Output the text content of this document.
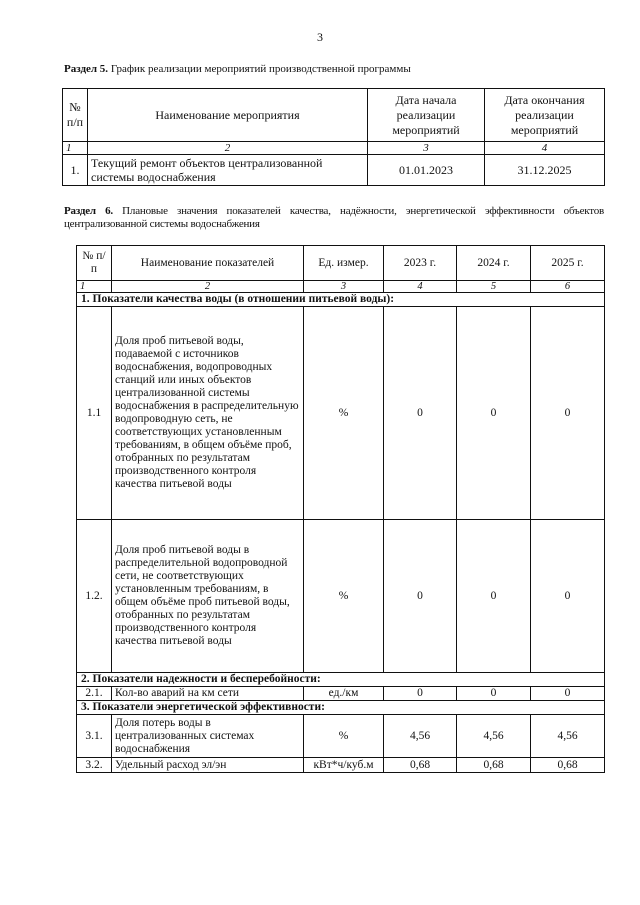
3
Раздел 5. График реализации мероприятий производственной программы
№ п/п	Наименование мероприятия	Дата начала реализации мероприятий	Дата окончания реализации мероприятий
1	2	3	4
1.	Текущий ремонт объектов централизованной системы водоснабжения	01.01.2023	31.12.2025
Раздел 6. Плановые значения показателей качества, надёжности, энергетической эффективности объектов централизованной системы водоснабжения
№ п/п	Наименование показателей	Ед. измер.	2023 г.	2024 г.	2025 г.
1	2	3	4	5	6
1. Показатели качества воды (в отношении питьевой воды):					
1.1	Доля проб питьевой воды, подаваемой с источников водоснабжения, водопроводных станций или иных объектов централизованной системы водоснабжения в распределительную водопроводную сеть, не соответствующих установленным требованиям, в общем объёме проб, отобранных по результатам производственного контроля качества питьевой воды	%	0	0	0
1.2.	Доля проб питьевой воды в распределительной водопроводной сети, не соответствующих установленным требованиям, в общем объёме проб питьевой воды, отобранных по результатам производственного контроля качества питьевой воды	%	0	0	0
2. Показатели надежности и бесперебойности:					
2.1.	Кол-во аварий на км сети	ед./км	0	0	0
3. Показатели энергетической эффективности:					
3.1.	Доля потерь воды в централизованных системах водоснабжения	%	4,56	4,56	4,56
3.2.	Удельный расход эл/эн	кВт*ч/куб.м	0,68	0,68	0,68
